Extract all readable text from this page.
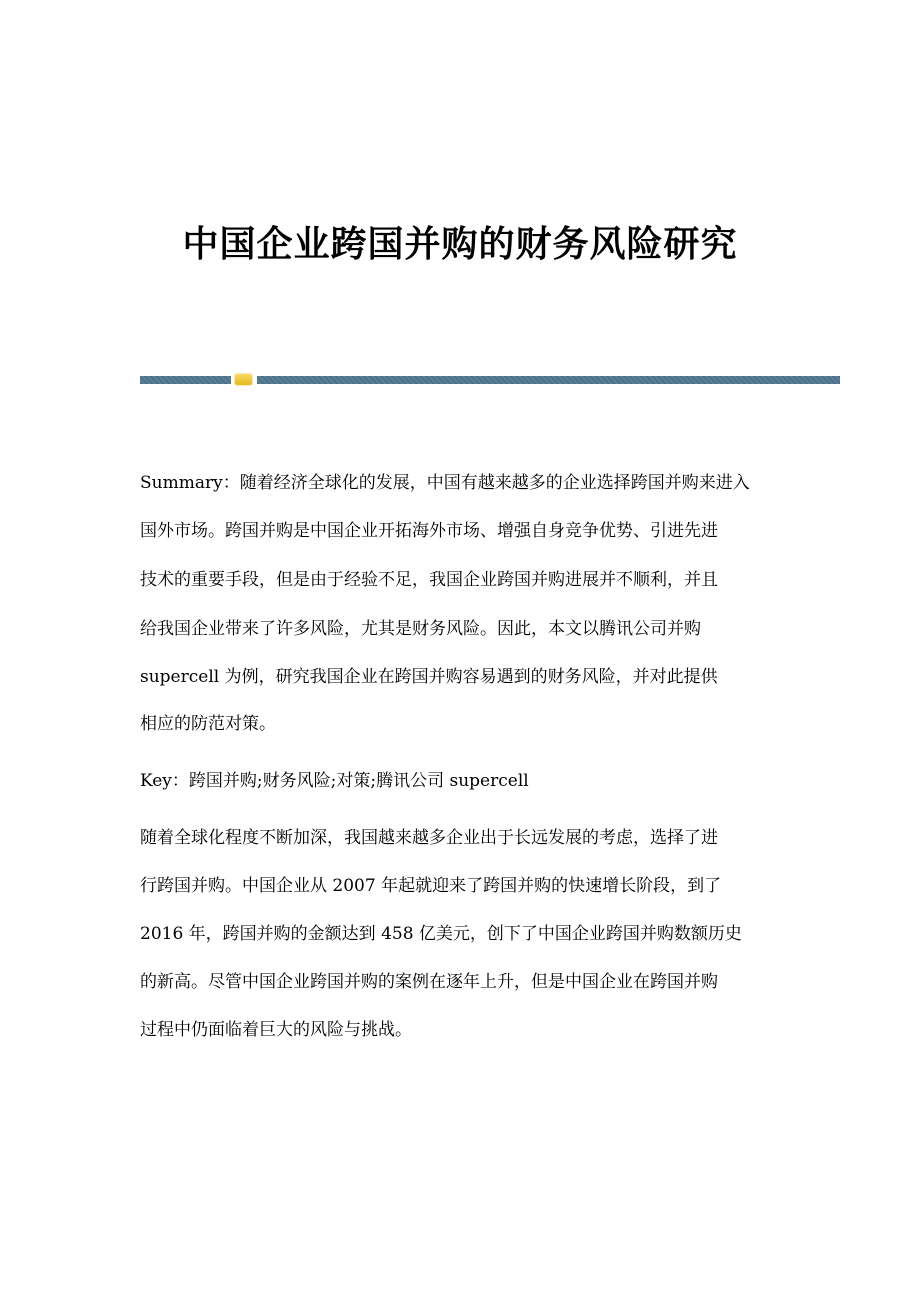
中国企业跨国并购的财务风险研究
Summary：随着经济全球化的发展，中国有越来越多的企业选择跨国并购来进入
国外市场。跨国并购是中国企业开拓海外市场、增强自身竞争优势、引进先进
技术的重要手段，但是由于经验不足，我国企业跨国并购进展并不顺利，并且
给我国企业带来了许多风险，尤其是财务风险。因此，本文以腾讯公司并购
supercell 为例，研究我国企业在跨国并购容易遇到的财务风险，并对此提供
相应的防范对策。
Key：跨国并购;财务风险;对策;腾讯公司 supercell
随着全球化程度不断加深，我国越来越多企业出于长远发展的考虑，选择了进
行跨国并购。中国企业从 2007 年起就迎来了跨国并购的快速增长阶段，到了
2016 年，跨国并购的金额达到 458 亿美元，创下了中国企业跨国并购数额历史
的新高。尽管中国企业跨国并购的案例在逐年上升，但是中国企业在跨国并购
过程中仍面临着巨大的风险与挑战。
